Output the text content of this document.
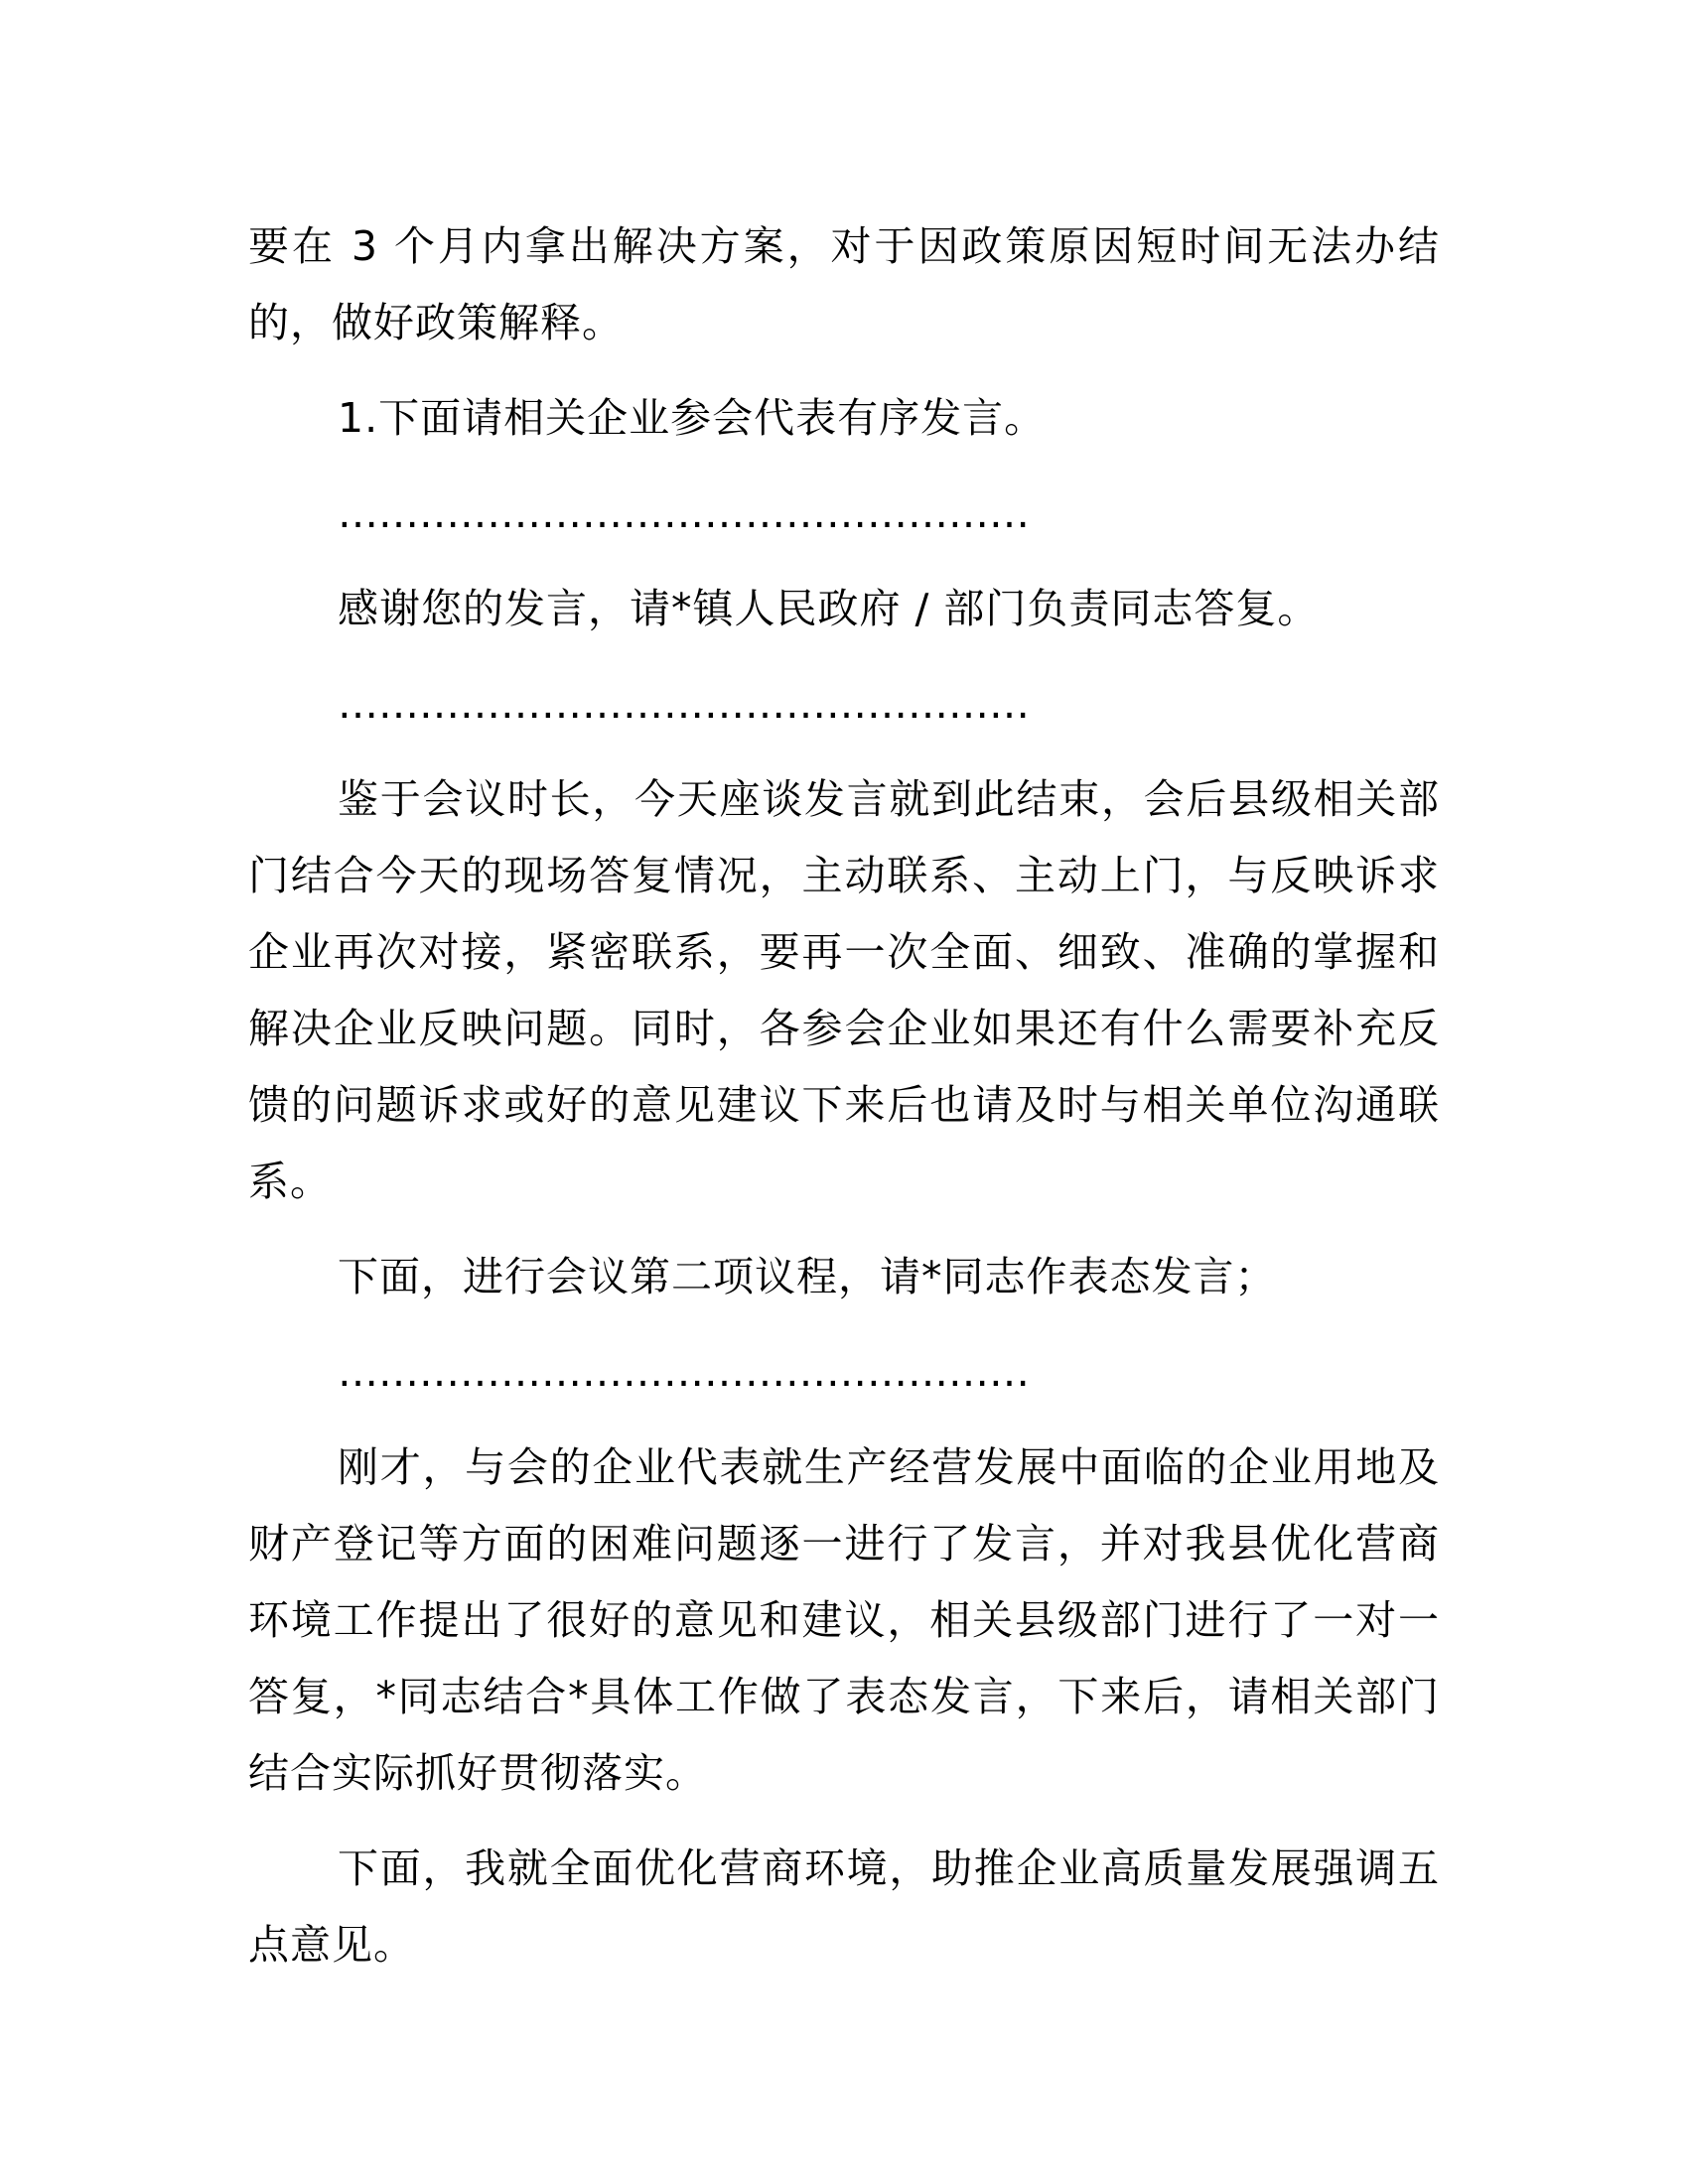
要在 3 个月内拿出解决方案，对于因政策原因短时间无法办结的，做好政策解释。

1.下面请相关企业参会代表有序发言。

……………………………………………

感谢您的发言，请*镇人民政府 / 部门负责同志答复。

……………………………………………

鉴于会议时长，今天座谈发言就到此结束，会后县级相关部门结合今天的现场答复情况，主动联系、主动上门，与反映诉求企业再次对接，紧密联系，要再一次全面、细致、准确的掌握和解决企业反映问题。同时，各参会企业如果还有什么需要补充反馈的问题诉求或好的意见建议下来后也请及时与相关单位沟通联系。

下面，进行会议第二项议程，请*同志作表态发言；

……………………………………………

刚才，与会的企业代表就生产经营发展中面临的企业用地及财产登记等方面的困难问题逐一进行了发言，并对我县优化营商环境工作提出了很好的意见和建议，相关县级部门进行了一对一答复，*同志结合*具体工作做了表态发言，下来后，请相关部门结合实际抓好贯彻落实。

下面，我就全面优化营商环境，助推企业高质量发展强调五点意见。
